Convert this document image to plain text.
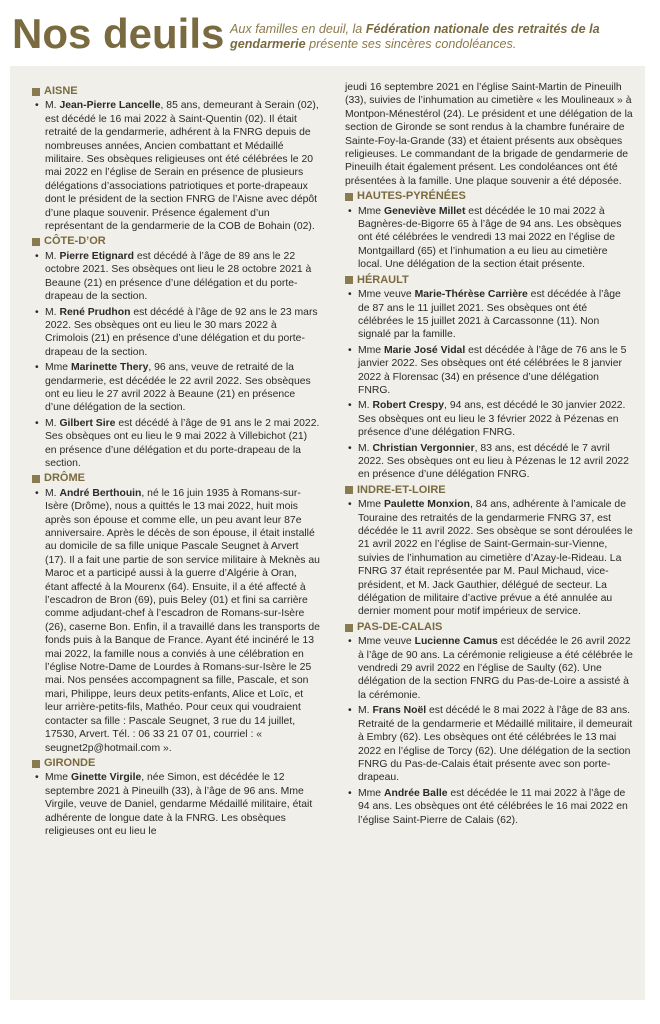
Nos deuils Aux familles en deuil, la Fédération nationale des retraités de la gendarmerie présente ses sincères condoléances.
AISNE
• M. Jean-Pierre Lancelle, 85 ans, demeurant à Serain (02), est décédé le 16 mai 2022 à Saint-Quentin (02). Il était retraité de la gendarmerie, adhérent à la FNRG depuis de nombreuses années, Ancien combattant et Médaillé militaire. Ses obsèques religieuses ont été célébrées le 20 mai 2022 en l’église de Serain en présence de plusieurs délégations d’associations patriotiques et porte-drapeaux dont le président de la section FNRG de l’Aisne avec dépôt d’une plaque souvenir. Présence également d’un représentant de la gendarmerie de la COB de Bohain (02).
CÔTE-D’OR
• M. Pierre Etignard est décédé à l’âge de 89 ans le 22 octobre 2021. Ses obsèques ont lieu le 28 octobre 2021 à Beaune (21) en présence d’une délégation et du porte-drapeau de la section.
• M. René Prudhon est décédé à l’âge de 92 ans le 23 mars 2022. Ses obsèques ont eu lieu le 30 mars 2022 à Crimolois (21) en présence d’une délégation et du porte-drapeau de la section.
• Mme Marinette Thery, 96 ans, veuve de retraité de la gendarmerie, est décédée le 22 avril 2022. Ses obsèques ont eu lieu le 27 avril 2022 à Beaune (21) en présence d’une délégation de la section.
• M. Gilbert Sire est décédé à l’âge de 91 ans le 2 mai 2022. Ses obsèques ont eu lieu le 9 mai 2022 à Villebichot (21) en présence d’une délégation et du porte-drapeau de la section.
DRÔME
• M. André Berthouin, né le 16 juin 1935 à Romans-sur-Isère (Drôme), nous a quittés le 13 mai 2022, huit mois après son épouse et comme elle, un peu avant leur 87e anniversaire. Après le décès de son épouse, il était installé au domicile de sa fille unique Pascale Seugnet à Arvert (17). Il a fait une partie de son service militaire à Meknès au Maroc et a participé aussi à la guerre d’Algérie à Oran, étant affecté à la Mourenx (64). Ensuite, il a été affecté à l’escadron de Bron (69), puis Beley (01) et fini sa carrière comme adjudant-chef à l’escadron de Romans-sur-Isère (26), caserne Bon. Enfin, il a travaillé dans les transports de fonds puis à la Banque de France. Ayant été incinéré le 13 mai 2022, la famille nous a conviés à une célébration en l’église Notre-Dame de Lourdes à Romans-sur-Isère le 25 mai. Nos pensées accompagnent sa fille, Pascale, et son mari, Philippe, leurs deux petits-enfants, Alice et Loïc, et leur arrière-petits-fils, Mathéo. Pour ceux qui voudraient contacter sa fille : Pascale Seugnet, 3 rue du 14 juillet, 17530, Arvert. Tél. : 06 33 21 07 01, courriel : « seugnet2p@hotmail.com ».
GIRONDE
• Mme Ginette Virgile, née Simon, est décédée le 12 septembre 2021 à Pineuilh (33), à l’âge de 96 ans. Mme Virgile, veuve de Daniel, gendarme Médaillé militaire, était adhérente de longue date à la FNRG. Les obsèques religieuses ont eu lieu le
jeudi 16 septembre 2021 en l’église Saint-Martin de Pineuilh (33), suivies de l’inhumation au cimetière « les Moulineaux » à Montpon-Ménestérol (24). Le président et une délégation de la section de Gironde se sont rendus à la chambre funéraire de Sainte-Foy-la-Grande (33) et étaient présents aux obsèques religieuses. Le commandant de la brigade de gendarmerie de Pineuilh était également présent. Les condoléances ont été présentées à la famille. Une plaque souvenir a été déposée.
HAUTES-PYRÉNÉES
• Mme Geneviève Millet est décédée le 10 mai 2022 à Bagnères-de-Bigorre 65 à l’âge de 94 ans. Les obsèques ont été célébrées le vendredi 13 mai 2022 en l’église de Montgaillard (65) et l’inhumation a eu lieu au cimetière local. Une délégation de la section était présente.
HÉRAULT
• Mme veuve Marie-Thérèse Carrière est décédée à l’âge de 87 ans le 11 juillet 2021. Ses obsèques ont été célébrées le 15 juillet 2021 à Carcassonne (11). Non signalé par la famille.
• Mme Marie José Vidal est décédée à l’âge de 76 ans le 5 janvier 2022. Ses obsèques ont été célébrées le 8 janvier 2022 à Florensac (34) en présence d’une délégation FNRG.
• M. Robert Crespy, 94 ans, est décédé le 30 janvier 2022. Ses obsèques ont eu lieu le 3 février 2022 à Pézenas en présence d’une délégation FNRG.
• M. Christian Vergonnier, 83 ans, est décédé le 7 avril 2022. Ses obsèques ont eu lieu à Pézenas le 12 avril 2022 en présence d’une délégation FNRG.
INDRE-ET-LOIRE
• Mme Paulette Monxion, 84 ans, adhérente à l’amicale de Touraine des retraités de la gendarmerie FNRG 37, est décédée le 11 avril 2022. Ses obsèque se sont déroulées le 21 avril 2022 en l’église de Saint-Germain-sur-Vienne, suivies de l’inhumation au cimetière d’Azay-le-Rideau. La FNRG 37 était représentée par M. Paul Michaud, vice-président, et M. Jack Gauthier, délégué de secteur. La délégation de militaire d’active prévue a été annulée au dernier moment pour motif impérieux de service.
PAS-DE-CALAIS
• Mme veuve Lucienne Camus est décédée le 26 avril 2022 à l’âge de 90 ans. La cérémonie religieuse a été célébrée le vendredi 29 avril 2022 en l’église de Saulty (62). Une délégation de la section FNRG du Pas-de-Loire a assisté à la cérémonie.
• M. Frans Noël est décédé le 8 mai 2022 à l’âge de 83 ans. Retraité de la gendarmerie et Médaillé militaire, il demeurait à Embry (62). Les obsèques ont été célébrées le 13 mai 2022 en l’église de Torcy (62). Une délégation de la section FNRG du Pas-de-Calais était présente avec son porte-drapeau.
• Mme Andrée Balle est décédée le 11 mai 2022 à l’âge de 94 ans. Les obsèques ont été célébrées le 16 mai 2022 en l’église Saint-Pierre de Calais (62).
